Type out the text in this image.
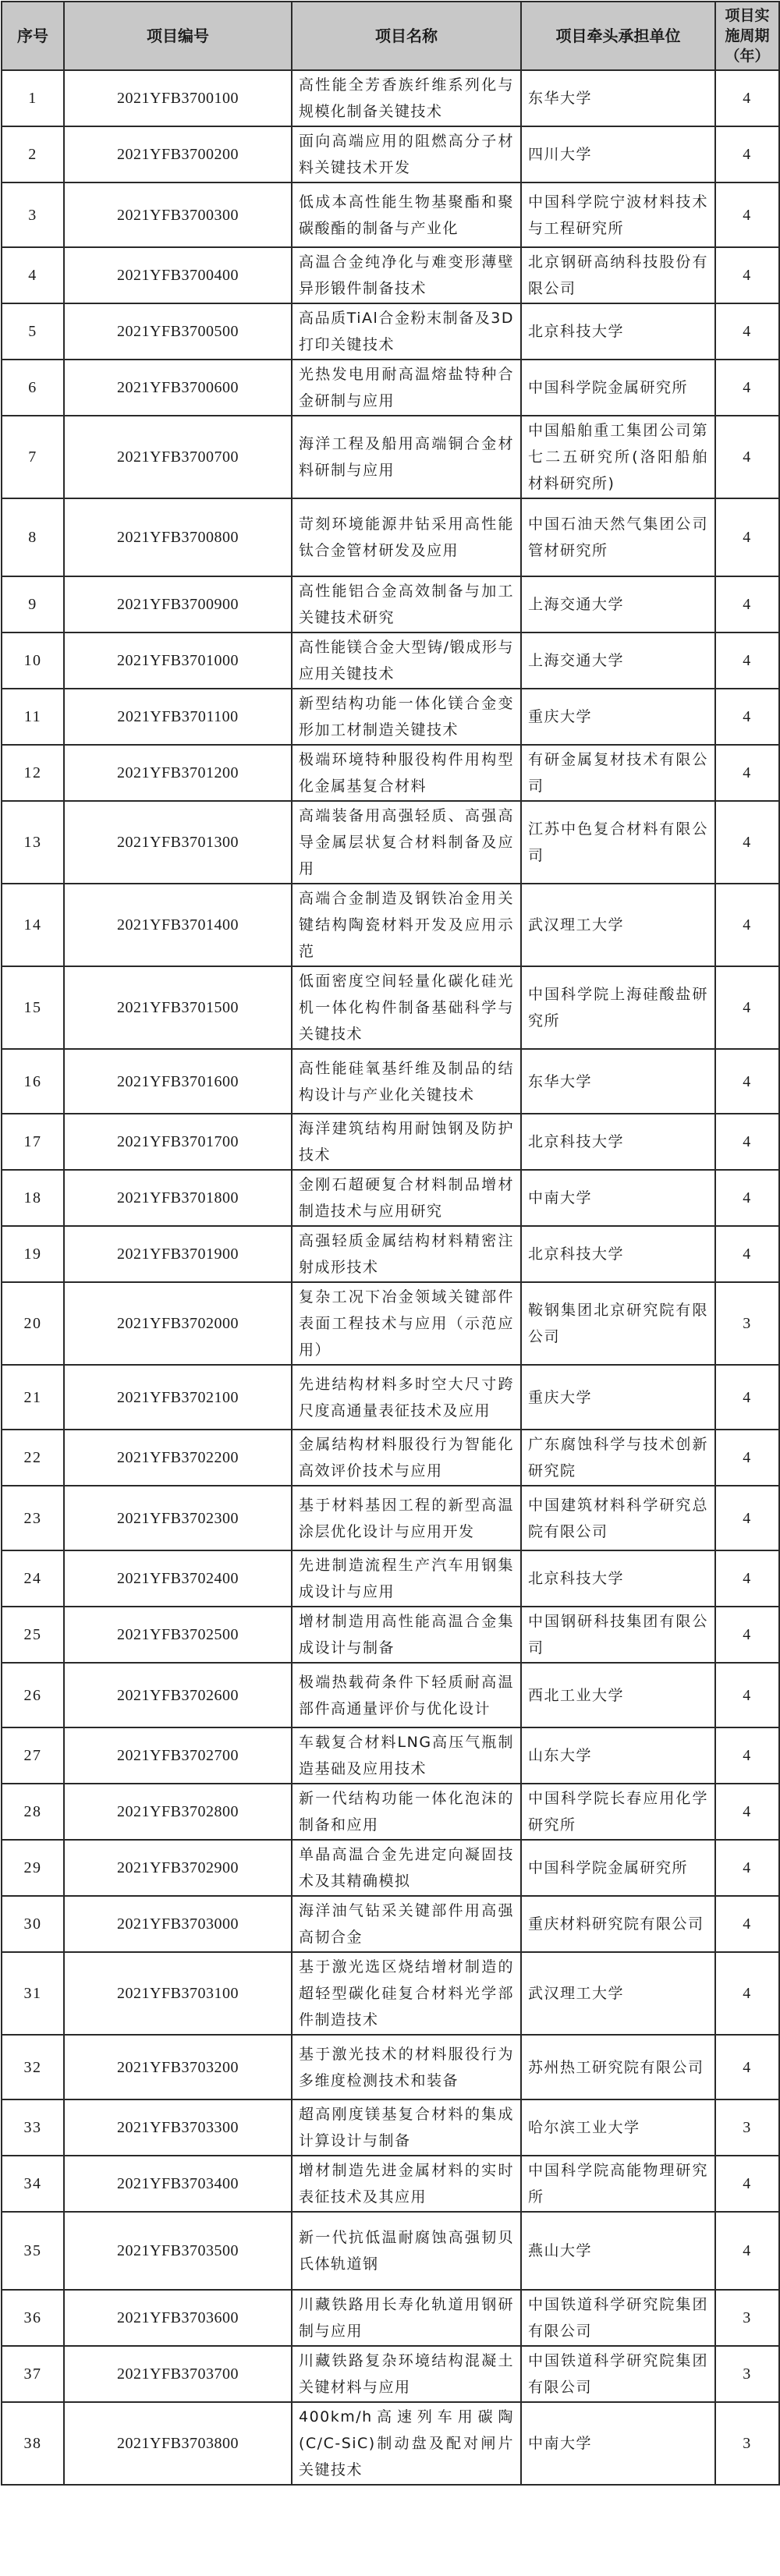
序号	项目编号	项目名称	项目牵头承担单位	项目实施周期（年）
1	2021YFB3700100	高性能全芳香族纤维系列化与规模化制备关键技术	东华大学	4
2	2021YFB3700200	面向高端应用的阻燃高分子材料关键技术开发	四川大学	4
3	2021YFB3700300	低成本高性能生物基聚酯和聚碳酸酯的制备与产业化	中国科学院宁波材料技术与工程研究所	4
4	2021YFB3700400	高温合金纯净化与难变形薄壁异形锻件制备技术	北京钢研高纳科技股份有限公司	4
5	2021YFB3700500	高品质TiAl合金粉末制备及3D打印关键技术	北京科技大学	4
6	2021YFB3700600	光热发电用耐高温熔盐特种合金研制与应用	中国科学院金属研究所	4
7	2021YFB3700700	海洋工程及船用高端铜合金材料研制与应用	中国船舶重工集团公司第七二五研究所(洛阳船舶材料研究所)	4
8	2021YFB3700800	苛刻环境能源井钻采用高性能钛合金管材研发及应用	中国石油天然气集团公司管材研究所	4
9	2021YFB3700900	高性能铝合金高效制备与加工关键技术研究	上海交通大学	4
10	2021YFB3701000	高性能镁合金大型铸/锻成形与应用关键技术	上海交通大学	4
11	2021YFB3701100	新型结构功能一体化镁合金变形加工材制造关键技术	重庆大学	4
12	2021YFB3701200	极端环境特种服役构件用构型化金属基复合材料	有研金属复材技术有限公司	4
13	2021YFB3701300	高端装备用高强轻质、高强高导金属层状复合材料制备及应用	江苏中色复合材料有限公司	4
14	2021YFB3701400	高端合金制造及钢铁冶金用关键结构陶瓷材料开发及应用示范	武汉理工大学	4
15	2021YFB3701500	低面密度空间轻量化碳化硅光机一体化构件制备基础科学与关键技术	中国科学院上海硅酸盐研究所	4
16	2021YFB3701600	高性能硅氧基纤维及制品的结构设计与产业化关键技术	东华大学	4
17	2021YFB3701700	海洋建筑结构用耐蚀钢及防护技术	北京科技大学	4
18	2021YFB3701800	金刚石超硬复合材料制品增材制造技术与应用研究	中南大学	4
19	2021YFB3701900	高强轻质金属结构材料精密注射成形技术	北京科技大学	4
20	2021YFB3702000	复杂工况下冶金领域关键部件表面工程技术与应用（示范应用）	鞍钢集团北京研究院有限公司	3
21	2021YFB3702100	先进结构材料多时空大尺寸跨尺度高通量表征技术及应用	重庆大学	4
22	2021YFB3702200	金属结构材料服役行为智能化高效评价技术与应用	广东腐蚀科学与技术创新研究院	4
23	2021YFB3702300	基于材料基因工程的新型高温涂层优化设计与应用开发	中国建筑材料科学研究总院有限公司	4
24	2021YFB3702400	先进制造流程生产汽车用钢集成设计与应用	北京科技大学	4
25	2021YFB3702500	增材制造用高性能高温合金集成设计与制备	中国钢研科技集团有限公司	4
26	2021YFB3702600	极端热载荷条件下轻质耐高温部件高通量评价与优化设计	西北工业大学	4
27	2021YFB3702700	车载复合材料LNG高压气瓶制造基础及应用技术	山东大学	4
28	2021YFB3702800	新一代结构功能一体化泡沫的制备和应用	中国科学院长春应用化学研究所	4
29	2021YFB3702900	单晶高温合金先进定向凝固技术及其精确模拟	中国科学院金属研究所	4
30	2021YFB3703000	海洋油气钻采关键部件用高强高韧合金	重庆材料研究院有限公司	4
31	2021YFB3703100	基于激光选区烧结增材制造的超轻型碳化硅复合材料光学部件制造技术	武汉理工大学	4
32	2021YFB3703200	基于激光技术的材料服役行为多维度检测技术和装备	苏州热工研究院有限公司	4
33	2021YFB3703300	超高刚度镁基复合材料的集成计算设计与制备	哈尔滨工业大学	3
34	2021YFB3703400	增材制造先进金属材料的实时表征技术及其应用	中国科学院高能物理研究所	4
35	2021YFB3703500	新一代抗低温耐腐蚀高强韧贝氏体轨道钢	燕山大学	4
36	2021YFB3703600	川藏铁路用长寿化轨道用钢研制与应用	中国铁道科学研究院集团有限公司	3
37	2021YFB3703700	川藏铁路复杂环境结构混凝土关键材料与应用	中国铁道科学研究院集团有限公司	3
38	2021YFB3703800	400km/h高速列车用碳陶(C/C-SiC)制动盘及配对闸片关键技术	中南大学	3
